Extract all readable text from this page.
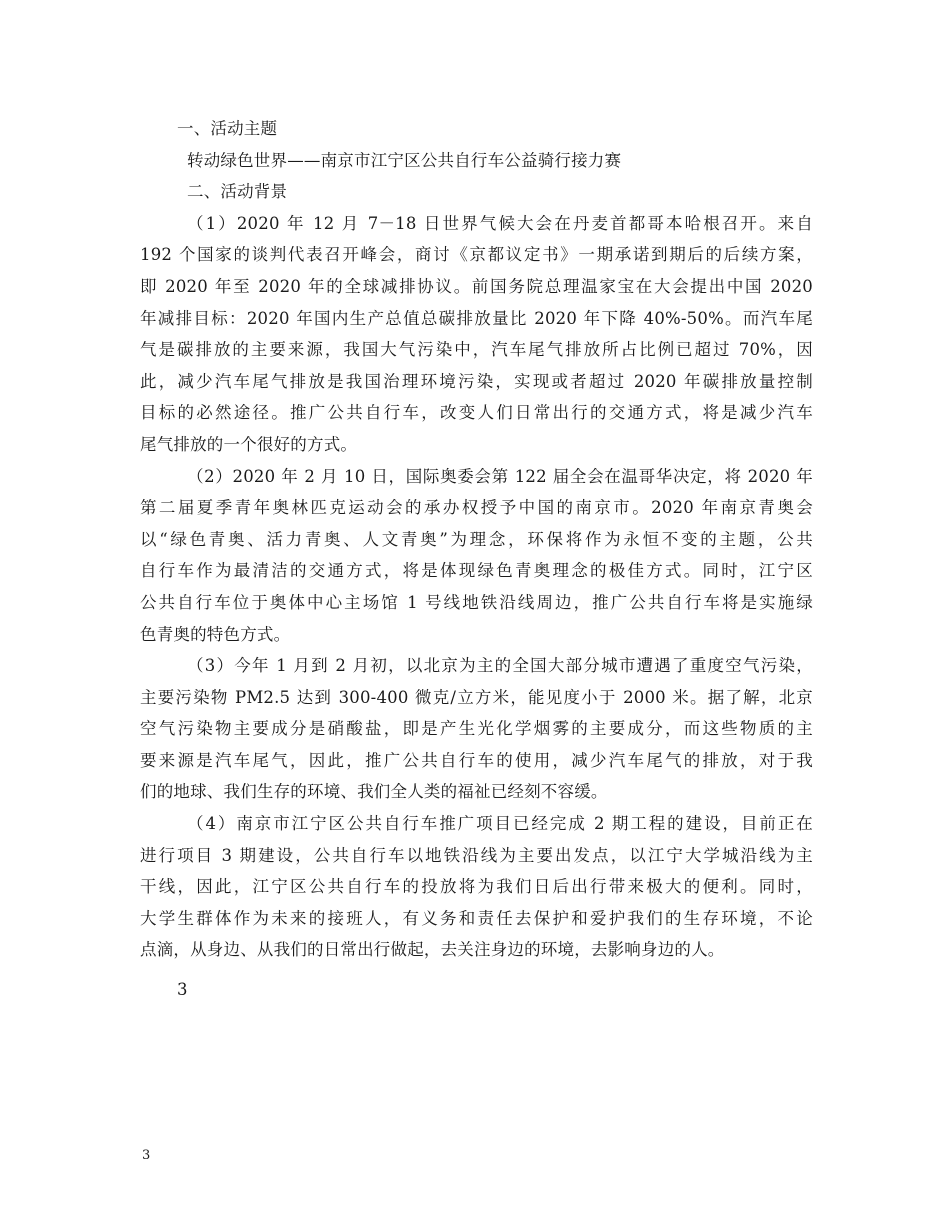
一、活动主题
转动绿色世界——南京市江宁区公共自行车公益骑行接力赛
二、活动背景
（1）2020 年 12 月 7－18 日世界气候大会在丹麦首都哥本哈根召开。来自
192 个国家的谈判代表召开峰会，商讨《京都议定书》一期承诺到期后的后续方案，
即 2020 年至 2020 年的全球减排协议。前国务院总理温家宝在大会提出中国 2020
年减排目标：2020 年国内生产总值总碳排放量比 2020 年下降 40%-50%。而汽车尾
气是碳排放的主要来源，我国大气污染中，汽车尾气排放所占比例已超过 70%，因
此，减少汽车尾气排放是我国治理环境污染，实现或者超过 2020 年碳排放量控制
目标的必然途径。推广公共自行车，改变人们日常出行的交通方式，将是减少汽车
尾气排放的一个很好的方式。
（2）2020 年 2 月 10 日，国际奥委会第 122 届全会在温哥华决定，将 2020 年
第二届夏季青年奥林匹克运动会的承办权授予中国的南京市。2020 年南京青奥会
以“绿色青奥、活力青奥、人文青奥”为理念，环保将作为永恒不变的主题，公共
自行车作为最清洁的交通方式，将是体现绿色青奥理念的极佳方式。同时，江宁区
公共自行车位于奥体中心主场馆 1 号线地铁沿线周边，推广公共自行车将是实施绿
色青奥的特色方式。
（3）今年 1 月到 2 月初，以北京为主的全国大部分城市遭遇了重度空气污染，
主要污染物 PM2.5 达到 300-400 微克/立方米，能见度小于 2000 米。据了解，北京
空气污染物主要成分是硝酸盐，即是产生光化学烟雾的主要成分，而这些物质的主
要来源是汽车尾气，因此，推广公共自行车的使用，减少汽车尾气的排放，对于我
们的地球、我们生存的环境、我们全人类的福祉已经刻不容缓。
（4）南京市江宁区公共自行车推广项目已经完成 2 期工程的建设，目前正在
进行项目 3 期建设，公共自行车以地铁沿线为主要出发点，以江宁大学城沿线为主
干线，因此，江宁区公共自行车的投放将为我们日后出行带来极大的便利。同时，
大学生群体作为未来的接班人，有义务和责任去保护和爱护我们的生存环境，不论
点滴，从身边、从我们的日常出行做起，去关注身边的环境，去影响身边的人。
3
3
